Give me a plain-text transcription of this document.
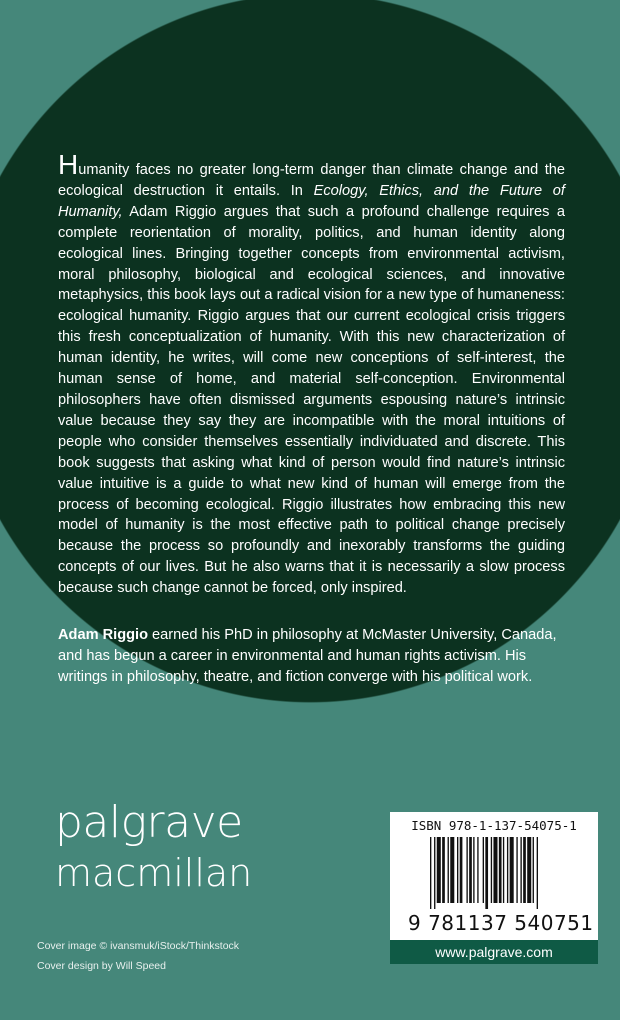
Humanity faces no greater long-term danger than climate change and the ecological destruction it entails. In Ecology, Ethics, and the Future of Humanity, Adam Riggio argues that such a profound challenge requires a complete reorientation of morality, politics, and human identity along ecological lines. Bringing together concepts from environmental activism, moral philosophy, biological and ecological sciences, and innovative metaphysics, this book lays out a radical vision for a new type of humaneness: ecological humanity. Riggio argues that our current ecological crisis triggers this fresh conceptualization of humanity. With this new characterization of human identity, he writes, will come new conceptions of self-interest, the human sense of home, and material self-conception. Environmental philosophers have often dismissed arguments espousing nature’s intrinsic value because they say they are incompatible with the moral intuitions of people who consider themselves essentially individuated and discrete. This book suggests that asking what kind of person would find nature’s intrinsic value intuitive is a guide to what new kind of human will emerge from the process of becoming ecological. Riggio illustrates how embracing this new model of humanity is the most effective path to political change precisely because the process so profoundly and inexorably transforms the guiding concepts of our lives. But he also warns that it is necessarily a slow process because such change cannot be forced, only inspired.
Adam Riggio earned his PhD in philosophy at McMaster University, Canada, and has begun a career in environmental and human rights activism. His writings in philosophy, theatre, and fiction converge with his political work.
palgrave
macmillan
Cover image © ivansmuk/iStock/Thinkstock
Cover design by Will Speed
ISBN 978-1-137-54075-1
9 781137 540751
www.palgrave.com
